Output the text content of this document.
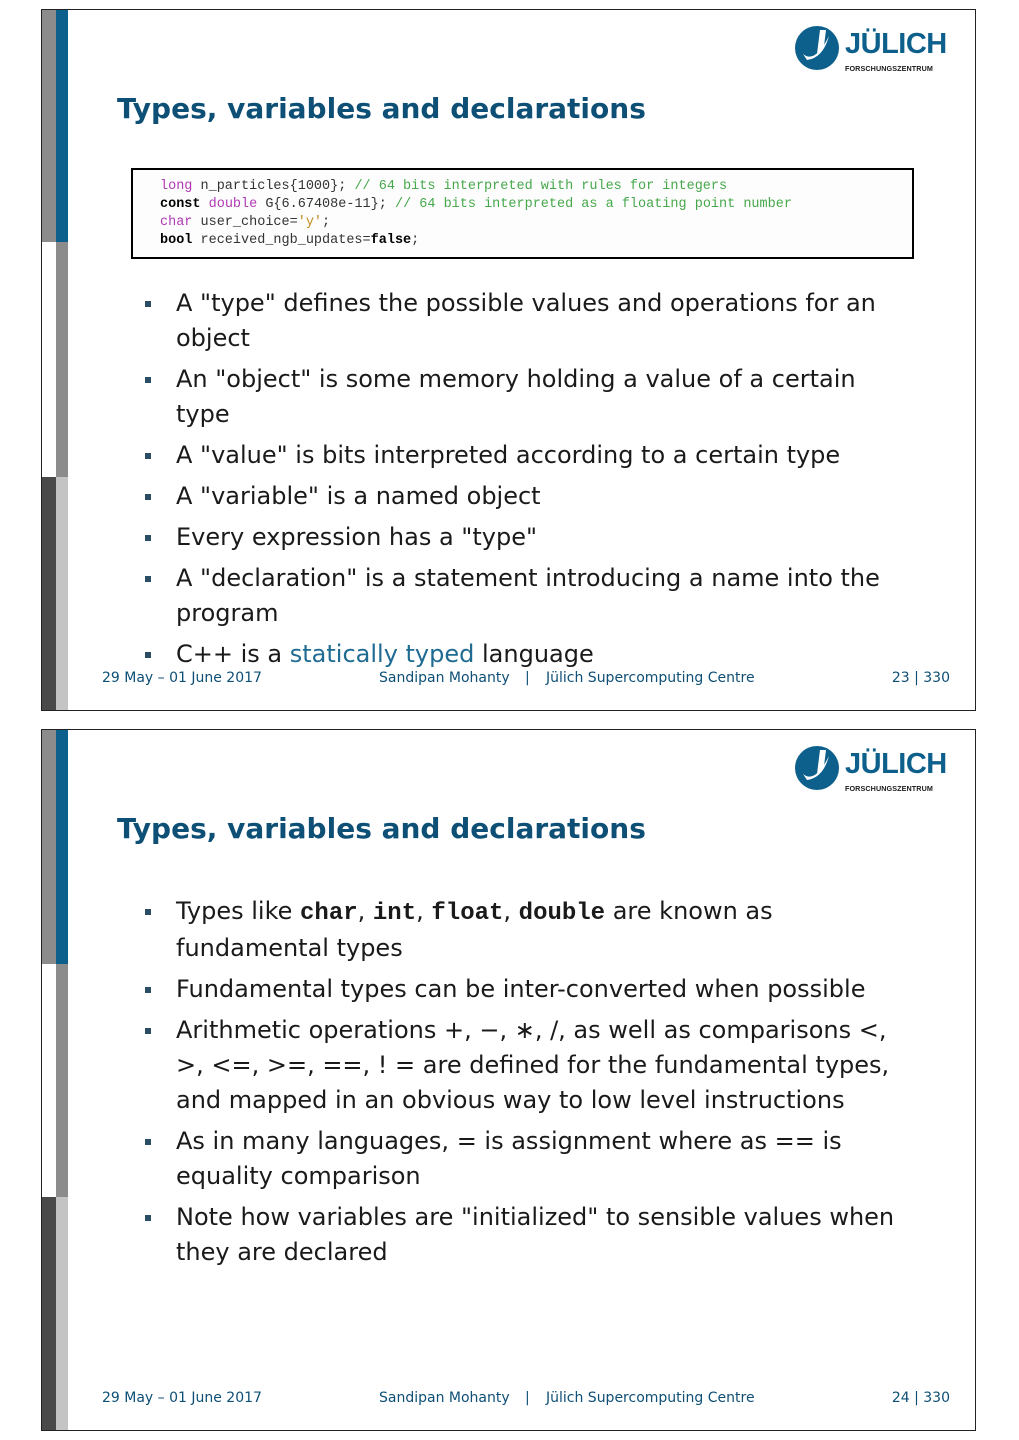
JÜLICH
FORSCHUNGSZENTRUM
Types, variables and declarations
long n_particles{1000}; // 64 bits interpreted with rules for integers
const double G{6.67408e-11}; // 64 bits interpreted as a floating point number
char user_choice='y';
bool received_ngb_updates=false;
A "type" defines the possible values and operations for an object
An "object" is some memory holding a value of a certain type
A "value" is bits interpreted according to a certain type
A "variable" is a named object
Every expression has a "type"
A "declaration" is a statement introducing a name into the program
C++ is a statically typed language
29 May – 01 June 2017	Sandipan Mohanty | Jülich Supercomputing Centre	23 | 330
JÜLICH
FORSCHUNGSZENTRUM
Types, variables and declarations
Types like char, int, float, double are known as fundamental types
Fundamental types can be inter-converted when possible
Arithmetic operations +, −, ∗, /, as well as comparisons <, >, <=, >=, ==, ! = are defined for the fundamental types, and mapped in an obvious way to low level instructions
As in many languages, = is assignment where as == is equality comparison
Note how variables are "initialized" to sensible values when they are declared
29 May – 01 June 2017	Sandipan Mohanty | Jülich Supercomputing Centre	24 | 330
